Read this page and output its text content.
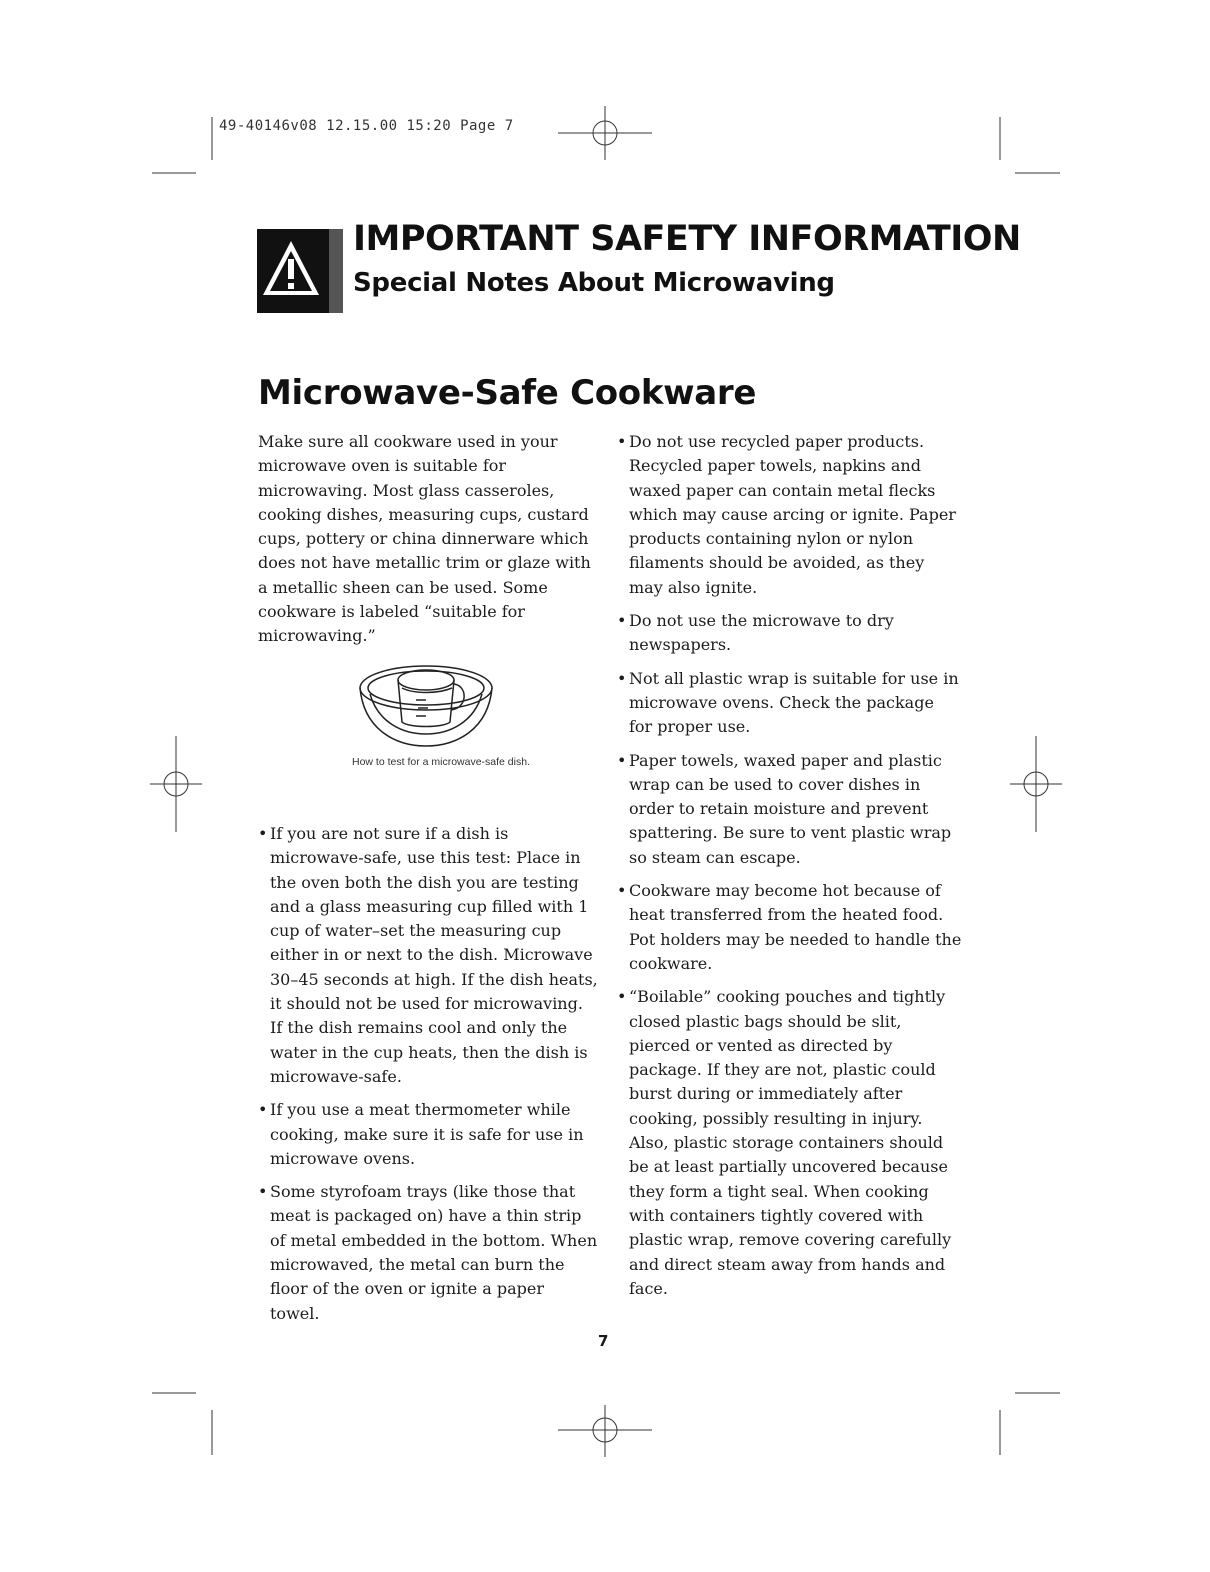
49-40146v08 12.15.00 15:20 Page 7
IMPORTANT SAFETY INFORMATION
Special Notes About Microwaving
Microwave-Safe Cookware

Make sure all cookware used in your microwave oven is suitable for microwaving. Most glass casseroles, cooking dishes, measuring cups, custard cups, pottery or china dinnerware which does not have metallic trim or glaze with a metallic sheen can be used. Some cookware is labeled “suitable for microwaving.”

How to test for a microwave-safe dish.
• If you are not sure if a dish is microwave-safe, use this test: Place in the oven both the dish you are testing and a glass measuring cup filled with 1 cup of water–set the measuring cup either in or next to the dish. Microwave 30–45 seconds at high. If the dish heats, it should not be used for microwaving. If the dish remains cool and only the water in the cup heats, then the dish is microwave-safe.
• If you use a meat thermometer while cooking, make sure it is safe for use in microwave ovens.
• Some styrofoam trays (like those that meat is packaged on) have a thin strip of metal embedded in the bottom. When microwaved, the metal can burn the floor of the oven or ignite a paper towel.
• Do not use recycled paper products. Recycled paper towels, napkins and waxed paper can contain metal flecks which may cause arcing or ignite. Paper products containing nylon or nylon filaments should be avoided, as they may also ignite.
• Do not use the microwave to dry newspapers.
• Not all plastic wrap is suitable for use in microwave ovens. Check the package for proper use.
• Paper towels, waxed paper and plastic wrap can be used to cover dishes in order to retain moisture and prevent spattering. Be sure to vent plastic wrap so steam can escape.
• Cookware may become hot because of heat transferred from the heated food. Pot holders may be needed to handle the cookware.
• “Boilable” cooking pouches and tightly closed plastic bags should be slit, pierced or vented as directed by package. If they are not, plastic could burst during or immediately after cooking, possibly resulting in injury. Also, plastic storage containers should be at least partially uncovered because they form a tight seal. When cooking with containers tightly covered with plastic wrap, remove covering carefully and direct steam away from hands and face.
7
